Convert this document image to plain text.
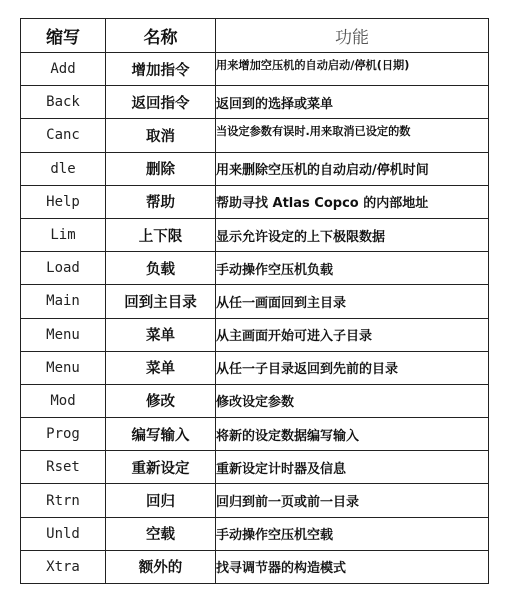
缩写	名称	功能
Add	增加指令	用来增加空压机的自动启动/停机(日期)
Back	返回指令	返回到的选择或菜单
Canc	取消	当设定参数有误时.用来取消已设定的数
dle	删除	用来删除空压机的自动启动/停机时间
Help	帮助	帮助寻找 Atlas Copco 的内部地址
Lim	上下限	显示允许设定的上下极限数据
Load	负载	手动操作空压机负载
Main	回到主目录	从任一画面回到主目录
Menu	菜单	从主画面开始可进入子目录
Menu	菜单	从任一子目录返回到先前的目录
Mod	修改	修改设定参数
Prog	编写输入	将新的设定数据编写输入
Rset	重新设定	重新设定计时器及信息
Rtrn	回归	回归到前一页或前一目录
Unld	空载	手动操作空压机空载
Xtra	额外的	找寻调节器的构造模式
